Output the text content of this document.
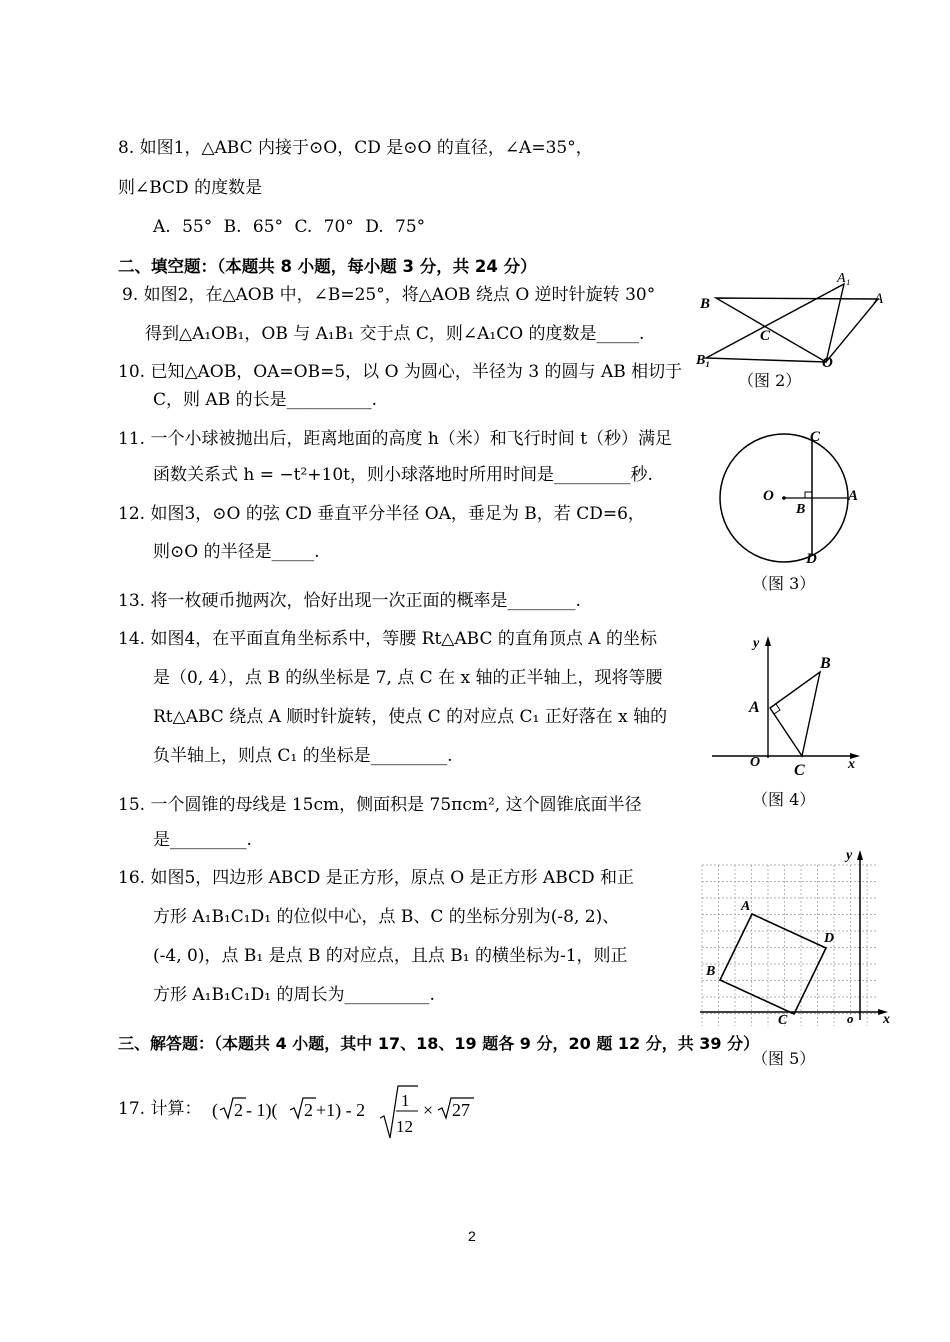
8. 如图1，△ABC 内接于⊙O，CD 是⊙O 的直径，∠A=35°，
则∠BCD 的度数是
A. 55° B. 65° C. 70° D. 75°
二、填空题：（本题共 8 小题，每小题 3 分，共 24 分）
9. 如图2，在△AOB 中，∠B=25°，将△AOB 绕点 O 逆时针旋转 30°
得到△A₁OB₁，OB 与 A₁B₁ 交于点 C，则∠A₁CO 的度数是_____.
10. 已知△AOB，OA=OB=5，以 O 为圆心，半径为 3 的圆与 AB 相切于
C，则 AB 的长是__________.
11. 一个小球被抛出后，距离地面的高度 h（米）和飞行时间 t（秒）满足
函数关系式 h = −t²+10t，则小球落地时所用时间是_________秒.
12. 如图3，⊙O 的弦 CD 垂直平分半径 OA，垂足为 B，若 CD=6，
则⊙O 的半径是_____.
13. 将一枚硬币抛两次，恰好出现一次正面的概率是________.
14. 如图4，在平面直角坐标系中，等腰 Rt△ABC 的直角顶点 A 的坐标
是（0, 4），点 B 的纵坐标是 7, 点 C 在 x 轴的正半轴上，现将等腰
Rt△ABC 绕点 A 顺时针旋转，使点 C 的对应点 C₁ 正好落在 x 轴的
负半轴上，则点 C₁ 的坐标是_________.
15. 一个圆锥的母线是 15cm，侧面积是 75πcm², 这个圆锥底面半径
是_________.
16. 如图5，四边形 ABCD 是正方形，原点 O 是正方形 ABCD 和正
方形 A₁B₁C₁D₁ 的位似中心，点 B、C 的坐标分别为(-8, 2)、
(-4, 0)，点 B₁ 是点 B 的对应点，且点 B₁ 的横坐标为-1，则正
方形 A₁B₁C₁D₁ 的周长为__________.
三、解答题：（本题共 4 小题，其中 17、18、19 题各 9 分，20 题 12 分，共 39 分）
17. 计算： ( 2 - 1)( 2 +1) - 2 1
12
× 27
B
A₁
A
C
O
B₁
（图 2）
C
O
B
A
D
（图 3）
y
B
A
O C	x
（图 4）
y
A
D
B
C	o x
（图 5）
2
